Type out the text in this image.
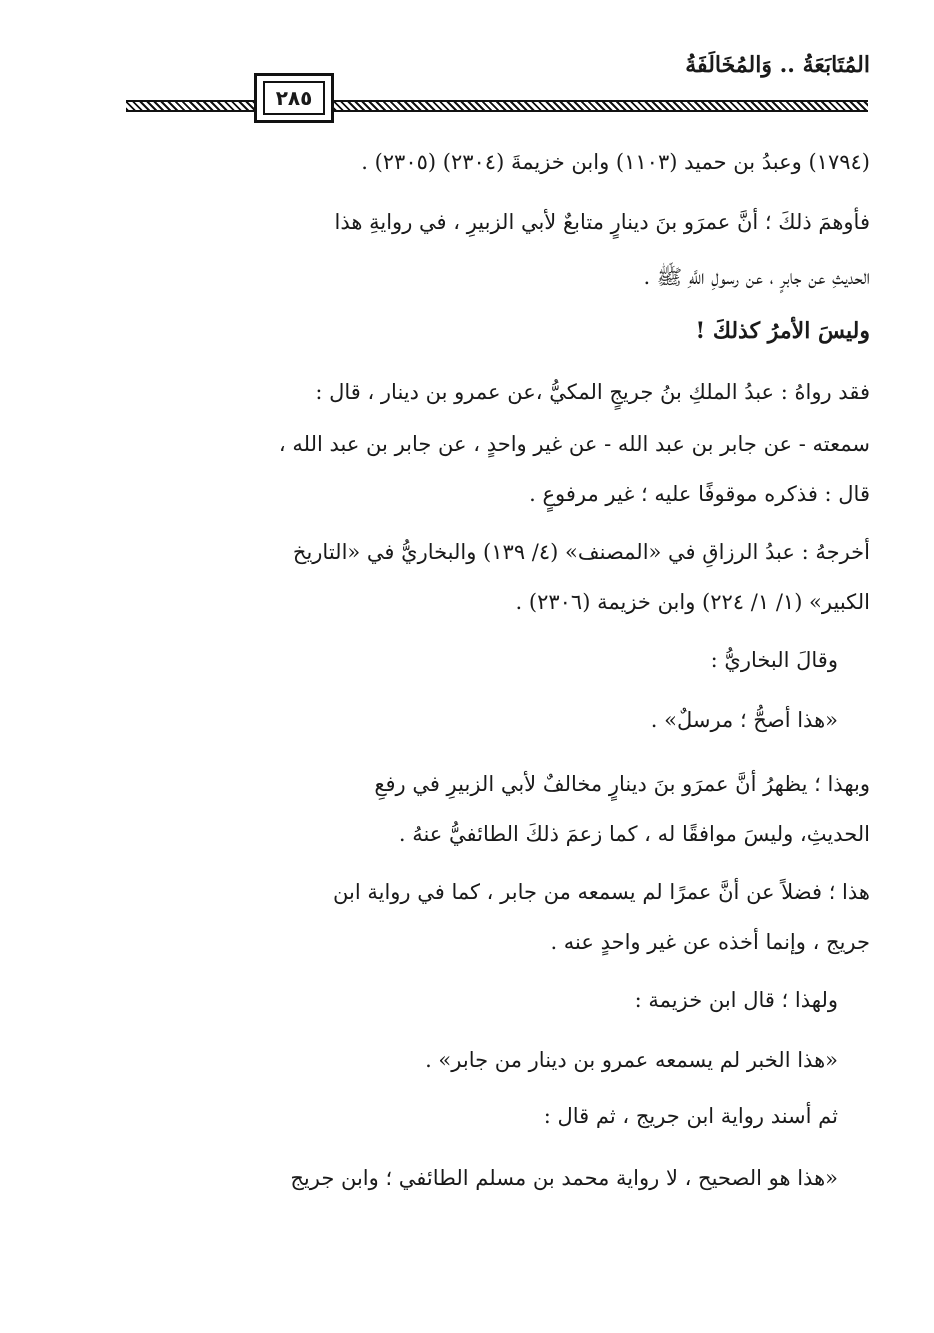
المُتَابَعَةُ .. وَالمُخَالَفَةُ
٢٨٥
(١٧٩٤) وعبدُ بن حميد (١١٠٣) وابن خزيمةَ (٢٣٠٤) (٢٣٠٥) .
فأوهمَ ذلكَ ؛ أنَّ عمرَو بنَ دينارٍ متابعٌ لأبي الزبيرِ ، في روايةِ هذا
الحديثِ عن جابرٍ ، عن رسولِ اللَّهِ ﷺ .
وليسَ الأمرُ كذلكَ !
فقد رواهُ : عبدُ الملكِ بنُ جريجٍ المكيُّ ،عن عمرو بن دينار ، قال :
سمعته - عن جابر بن عبد الله - عن غير واحدٍ ، عن جابر بن عبد الله ،
قال : فذكره موقوفًا عليه ؛ غير مرفوعٍ .
أخرجهُ : عبدُ الرزاقِ في «المصنف» (٤/ ١٣٩) والبخاريُّ في «التاريخ
الكبير» (١/ ١/ ٢٢٤) وابن خزيمة (٢٣٠٦) .
وقالَ البخاريُّ :
«هذا أصحُّ ؛ مرسلٌ» .
وبهذا ؛ يظهرُ أنَّ عمرَو بنَ دينارٍ مخالفٌ لأبي الزبيرِ في رفعِ
الحديثِ، وليسَ موافقًا له ، كما زعمَ ذلكَ الطائفيُّ عنهُ .
هذا ؛ فضلاً عن أنَّ عمرًا لم يسمعه من جابر ، كما في رواية ابن
جريج ، وإنما أخذه عن غير واحدٍ عنه .
ولهذا ؛ قال ابن خزيمة :
«هذا الخبر لم يسمعه عمرو بن دينار من جابر» .
ثم أسند رواية ابن جريج ، ثم قال :
«هذا هو الصحيح ، لا رواية محمد بن مسلم الطائفي ؛ وابن جريج
